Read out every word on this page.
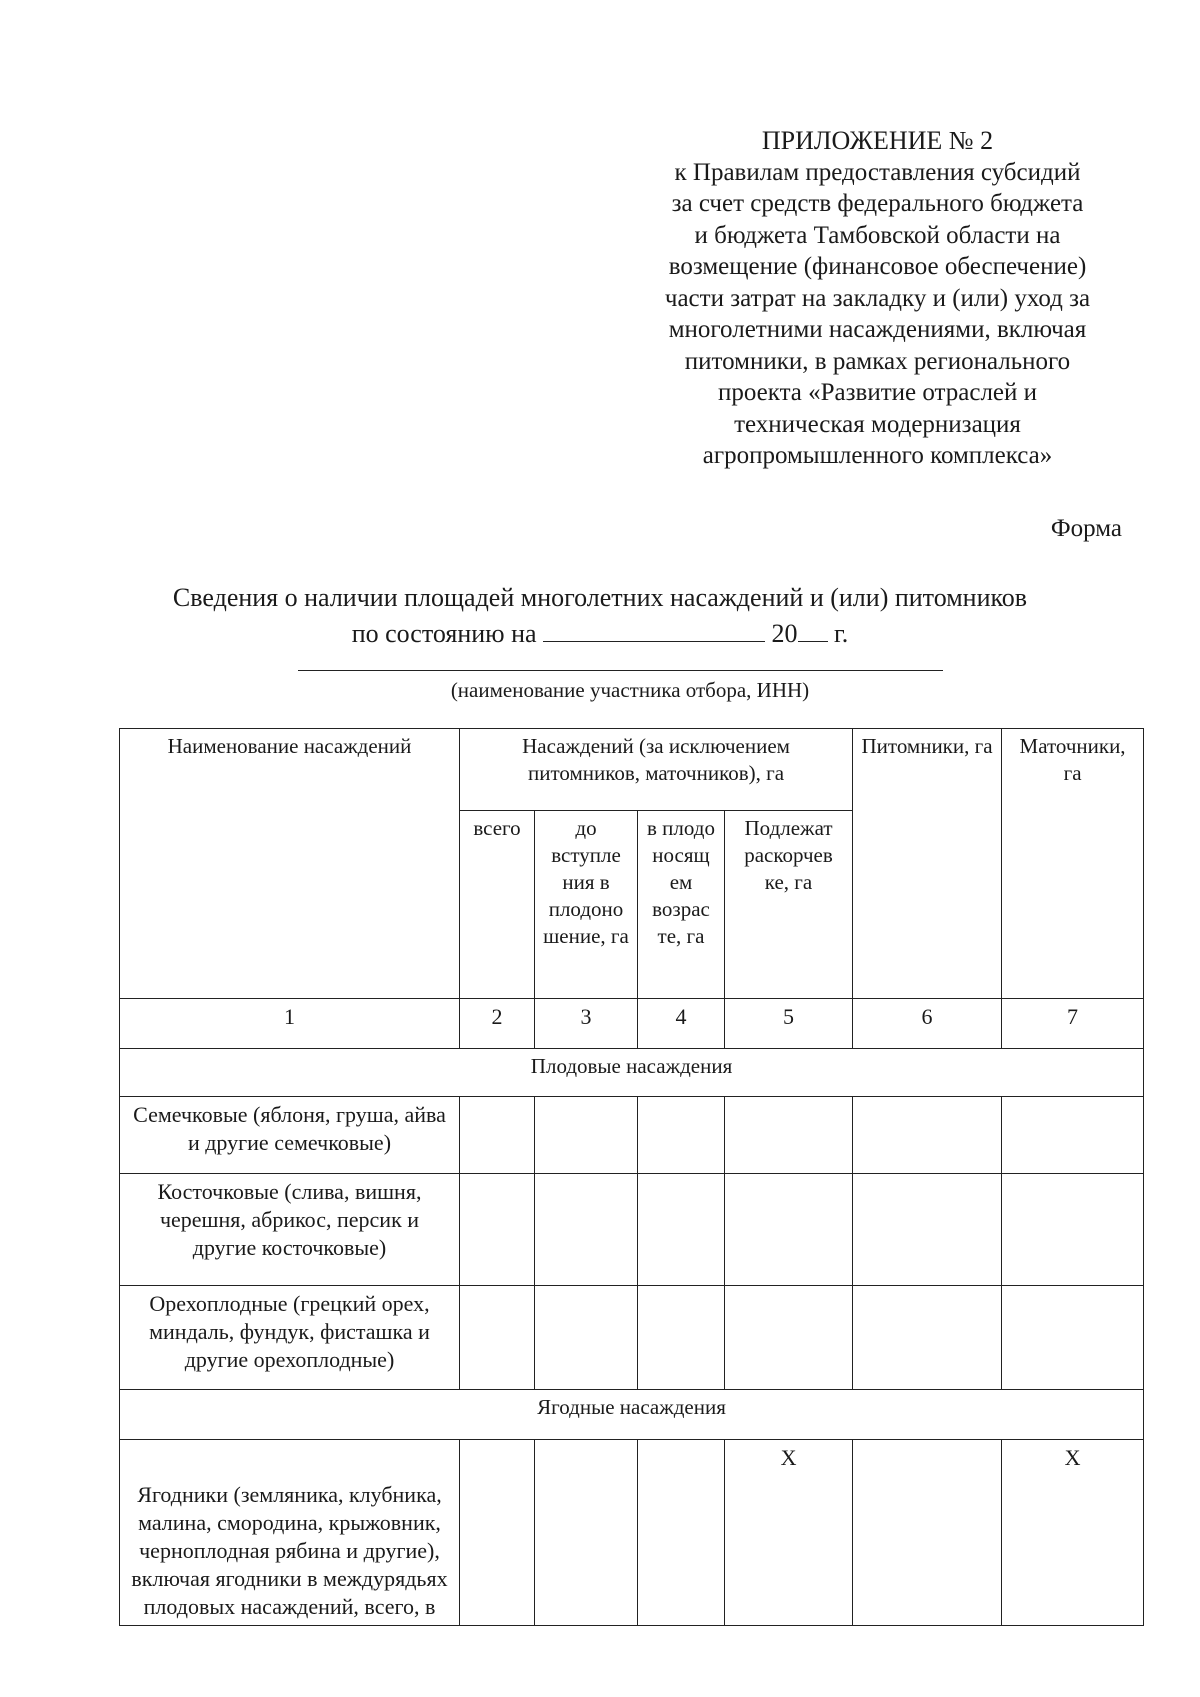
ПРИЛОЖЕНИЕ № 2
к Правилам предоставления субсидий
за счет средств федерального бюджета
и бюджета Тамбовской области на
возмещение (финансовое обеспечение)
части затрат на закладку и (или) уход за
многолетними насаждениями, включая
питомники, в рамках регионального
проекта «Развитие отраслей и
техническая модернизация
агропромышленного комплекса»
Форма
Сведения о наличии площадей многолетних насаждений и (или) питомников
по состоянию на	20 г.
(наименование участника отбора, ИНН)
Наименование насаждений	Насаждений (за исключением питомников, маточников), га				Питомники, га	Маточники, га
	всего	до вступле ния в плодоно шение, га	в плодо носящ ем возрас те, га	Подлежат раскорчев ке, га		
1	2	3	4	5	6	7
Плодовые насаждения						
Семечковые (яблоня, груша, айва и другие семечковые)						
Косточковые (слива, вишня, черешня, абрикос, персик и другие косточковые)						
Орехоплодные (грецкий орех, миндаль, фундук, фисташка и другие орехоплодные)						
Ягодные насаждения						
Ягодники (земляника, клубника, малина, смородина, крыжовник, черноплодная рябина и другие), включая ягодники в междурядьях плодовых насаждений, всего, в				Х		Х
